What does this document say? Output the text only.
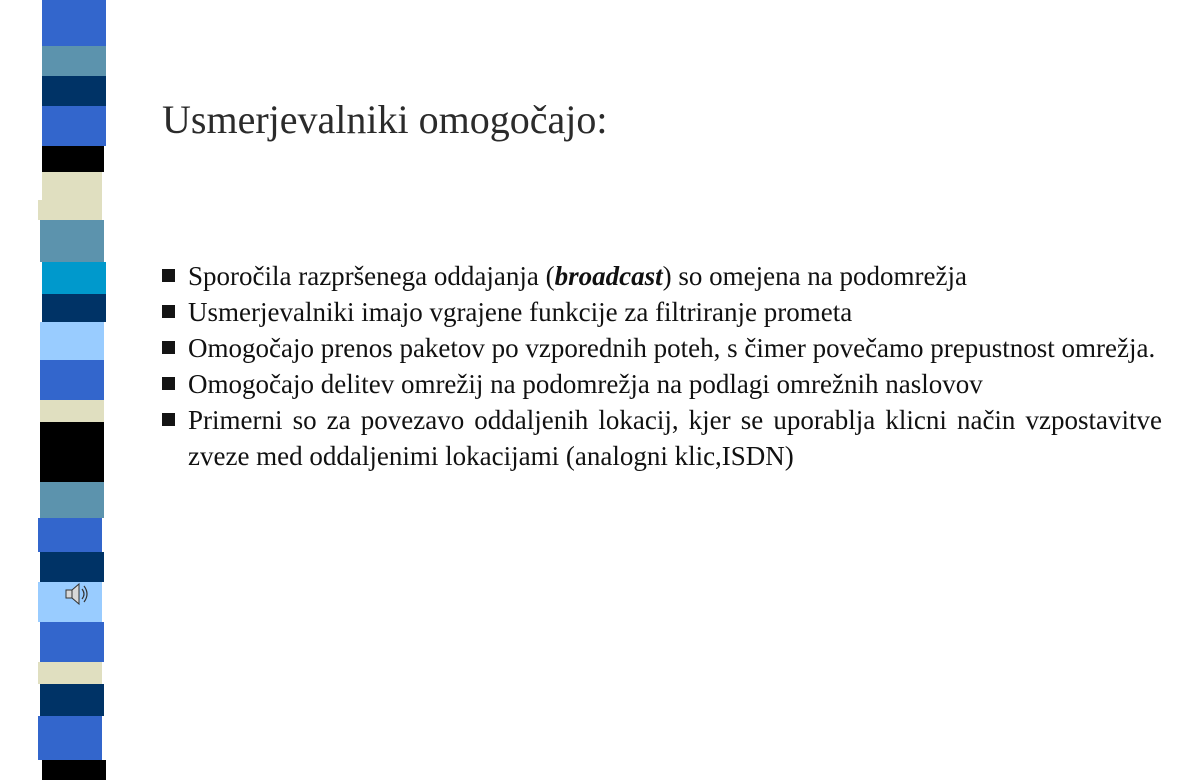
Usmerjevalniki omogočajo:
Sporočila razpršenega oddajanja (broadcast) so omejena na podomrežja
Usmerjevalniki imajo vgrajene funkcije za filtriranje prometa
Omogočajo prenos paketov po vzporednih poteh, s čimer povečamo prepustnost omrežja.
Omogočajo delitev omrežij na podomrežja na podlagi omrežnih naslovov
Primerni so za povezavo oddaljenih lokacij, kjer se uporablja klicni način vzpostavitve zveze med oddaljenimi lokacijami (analogni klic,ISDN)
